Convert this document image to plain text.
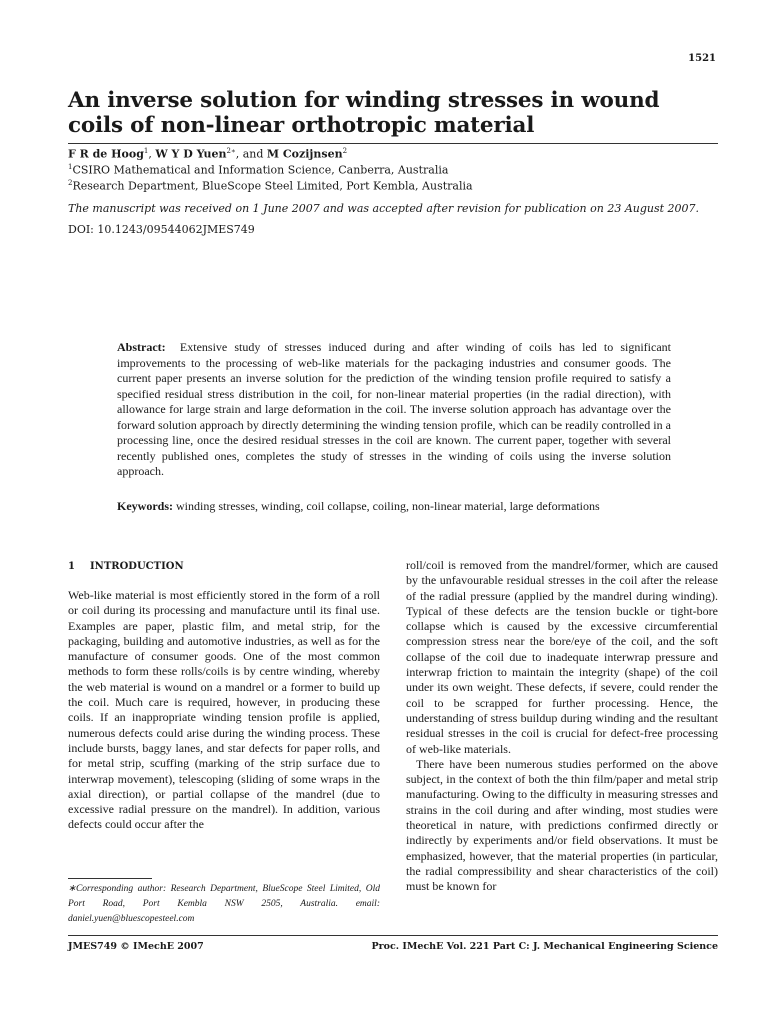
1521
An inverse solution for winding stresses in wound
coils of non-linear orthotropic material
F R de Hoog$^1$, W Y D Yuen$^{2∗}$, and M Cozijnsen$^2$
$^1$CSIRO Mathematical and Information Science, Canberra, Australia
$^2$Research Department, BlueScope Steel Limited, Port Kembla, Australia
The manuscript was received on 1 June 2007 and was accepted after revision for publication on 23 August 2007.
DOI: 10.1243/09544062JMES749

Abstract: Extensive study of stresses induced during and after winding of coils has led to significant improvements to the processing of web-like materials for the packaging industries and consumer goods. The current paper presents an inverse solution for the prediction of the winding tension profile required to satisfy a specified residual stress distribution in the coil, for non-linear material properties (in the radial direction), with allowance for large strain and large deformation in the coil. The inverse solution approach has advantage over the forward solution approach by directly determining the winding tension profile, which can be readily controlled in a processing line, once the desired residual stresses in the coil are known. The current paper, together with several recently published ones, completes the study of stresses in the winding of coils using the inverse solution approach.

Keywords: winding stresses, winding, coil collapse, coiling, non-linear material, large deformations

1 INTRODUCTION

Web-like material is most efficiently stored in the form of a roll or coil during its processing and manufacture until its final use. Examples are paper, plastic film, and metal strip, for the packaging, building and automotive industries, as well as for the manufacture of consumer goods. One of the most common methods to form these rolls/coils is by centre winding, whereby the web material is wound on a mandrel or a former to build up the coil. Much care is required, however, in producing these coils. If an inappropriate winding tension profile is applied, numerous defects could arise during the winding process. These include bursts, baggy lanes, and star defects for paper rolls, and for metal strip, scuffing (marking of the strip surface due to interwrap movement), telescoping (sliding of some wraps in the axial direction), or partial collapse of the mandrel (due to excessive radial pressure on the mandrel). In addition, various defects could occur after the

roll/coil is removed from the mandrel/former, which are caused by the unfavourable residual stresses in the coil after the release of the radial pressure (applied by the mandrel during winding). Typical of these defects are the tension buckle or tight-bore collapse which is caused by the excessive circumferential compression stress near the bore/eye of the coil, and the soft collapse of the coil due to inadequate interwrap pressure and interwrap friction to maintain the integrity (shape) of the coil under its own weight. These defects, if severe, could render the coil to be scrapped for further processing. Hence, the understanding of stress buildup during winding and the resultant residual stresses in the coil is crucial for defect-free processing of web-like materials.

There have been numerous studies performed on the above subject, in the context of both the thin film/paper and metal strip manufacturing. Owing to the difficulty in measuring stresses and strains in the coil during and after winding, most studies were theoretical in nature, with predictions confirmed directly or indirectly by experiments and/or field observations. It must be emphasized, however, that the material properties (in particular, the radial compressibility and shear characteristics of the coil) must be known for

∗Corresponding author: Research Department, BlueScope Steel Limited, Old Port Road, Port Kembla NSW 2505, Australia. email: daniel.yuen@bluescopesteel.com

JMES749 © IMechE 2007	Proc. IMechE Vol. 221 Part C: J. Mechanical Engineering Science
